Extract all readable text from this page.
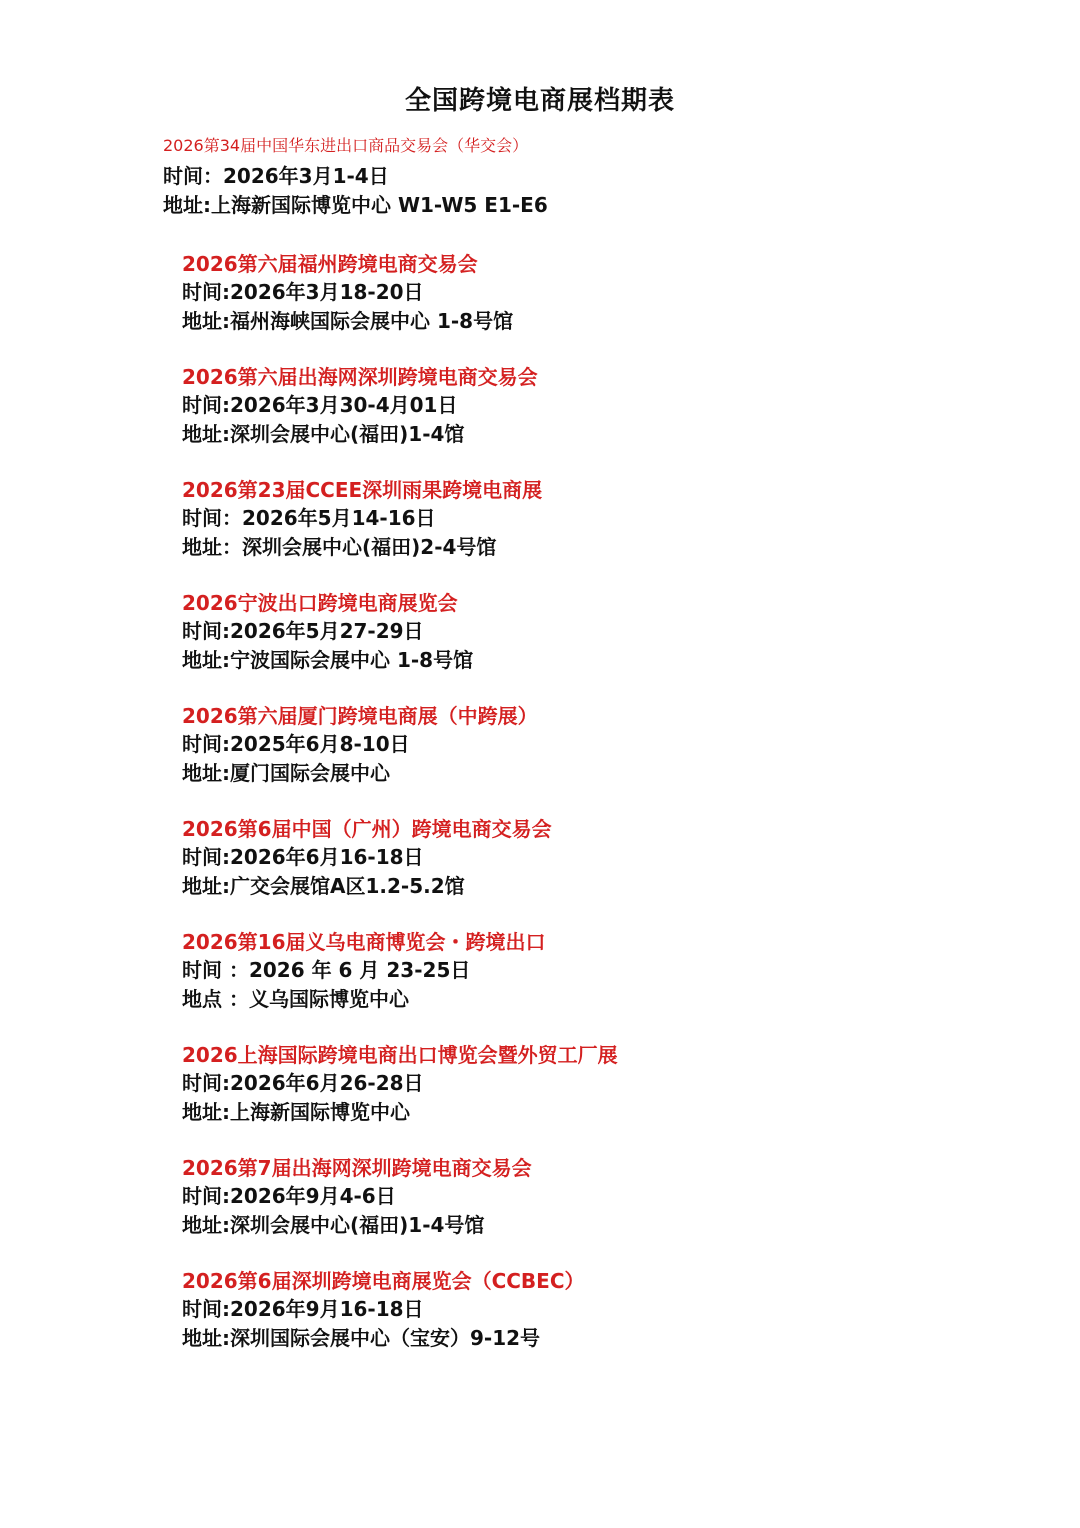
全国跨境电商展档期表
2026第34届中国华东进出口商品交易会（华交会）
时间：2026年3月1-4日
地址:上海新国际博览中心 W1-W5 E1-E6
2026第六届福州跨境电商交易会
时间:2026年3月18-20日
地址:福州海峡国际会展中心 1-8号馆
2026第六届出海网深圳跨境电商交易会
时间:2026年3月30-4月01日
地址:深圳会展中心(福田)1-4馆
2026第23届CCEE深圳雨果跨境电商展
时间：2026年5月14-16日
地址：深圳会展中心(福田)2-4号馆
2026宁波出口跨境电商展览会
时间:2026年5月27-29日
地址:宁波国际会展中心 1-8号馆
2026第六届厦门跨境电商展（中跨展）
时间:2025年6月8-10日
地址:厦门国际会展中心
2026第6届中国（广州）跨境电商交易会
时间:2026年6月16-18日
地址:广交会展馆A区1.2-5.2馆
2026第16届义乌电商博览会・跨境出口
时间 ：2026 年 6 月 23-25日
地点 ：义乌国际博览中心
2026上海国际跨境电商出口博览会暨外贸工厂展
时间:2026年6月26-28日
地址:上海新国际博览中心
2026第7届出海网深圳跨境电商交易会
时间:2026年9月4-6日
地址:深圳会展中心(福田)1-4号馆
2026第6届深圳跨境电商展览会（CCBEC）
时间:2026年9月16-18日
地址:深圳国际会展中心（宝安）9-12号
